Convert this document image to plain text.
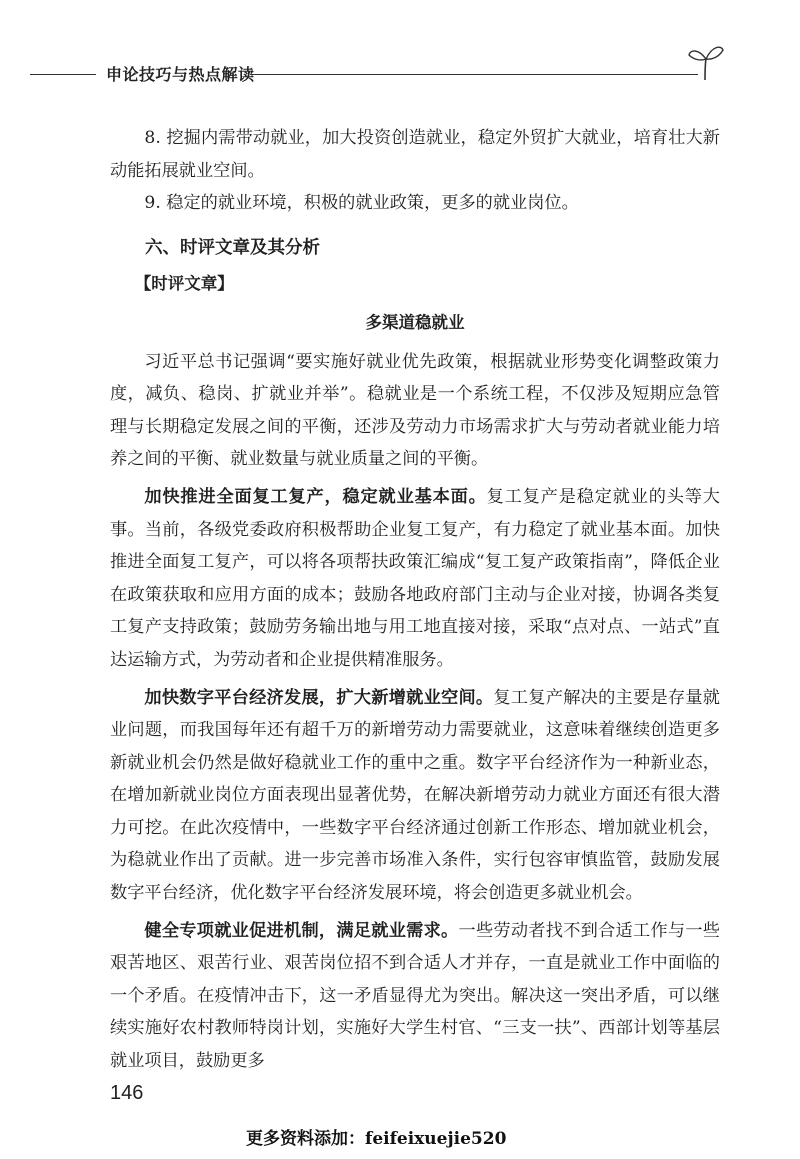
申论技巧与热点解读

8. 挖掘内需带动就业，加大投资创造就业，稳定外贸扩大就业，培育壮大新动能拓展就业空间。

9. 稳定的就业环境，积极的就业政策，更多的就业岗位。

六、时评文章及其分析
【时评文章】
多渠道稳就业

习近平总书记强调“要实施好就业优先政策，根据就业形势变化调整政策力度，减负、稳岗、扩就业并举”。稳就业是一个系统工程，不仅涉及短期应急管理与长期稳定发展之间的平衡，还涉及劳动力市场需求扩大与劳动者就业能力培养之间的平衡、就业数量与就业质量之间的平衡。

加快推进全面复工复产，稳定就业基本面。复工复产是稳定就业的头等大事。当前，各级党委政府积极帮助企业复工复产，有力稳定了就业基本面。加快推进全面复工复产，可以将各项帮扶政策汇编成“复工复产政策指南”，降低企业在政策获取和应用方面的成本；鼓励各地政府部门主动与企业对接，协调各类复工复产支持政策；鼓励劳务输出地与用工地直接对接，采取“点对点、一站式”直达运输方式，为劳动者和企业提供精准服务。

加快数字平台经济发展，扩大新增就业空间。复工复产解决的主要是存量就业问题，而我国每年还有超千万的新增劳动力需要就业，这意味着继续创造更多新就业机会仍然是做好稳就业工作的重中之重。数字平台经济作为一种新业态，在增加新就业岗位方面表现出显著优势，在解决新增劳动力就业方面还有很大潜力可挖。在此次疫情中，一些数字平台经济通过创新工作形态、增加就业机会，为稳就业作出了贡献。进一步完善市场准入条件，实行包容审慎监管，鼓励发展数字平台经济，优化数字平台经济发展环境，将会创造更多就业机会。

健全专项就业促进机制，满足就业需求。一些劳动者找不到合适工作与一些艰苦地区、艰苦行业、艰苦岗位招不到合适人才并存，一直是就业工作中面临的一个矛盾。在疫情冲击下，这一矛盾显得尤为突出。解决这一突出矛盾，可以继续实施好农村教师特岗计划，实施好大学生村官、“三支一扶”、西部计划等基层就业项目，鼓励更多

146
更多资料添加：feifeixuejie520
